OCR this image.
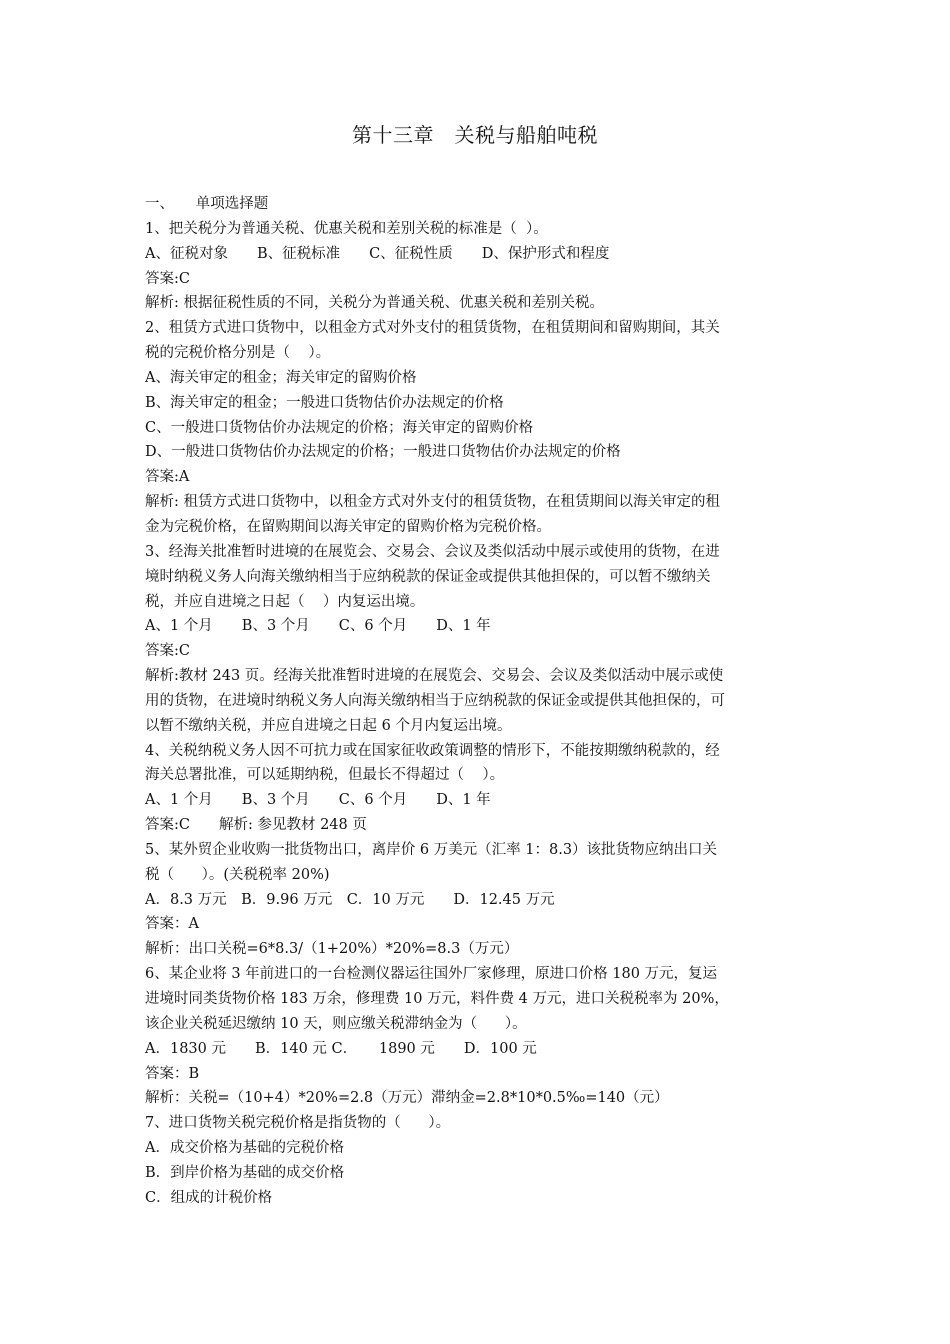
第十三章　关税与船舶吨税
一、　　单项选择题
1、把关税分为普通关税、优惠关税和差别关税的标准是（  ）。
A、征税对象　　B、征税标准　　C、征税性质　　D、保护形式和程度
答案:C
解析: 根据征税性质的不同，关税分为普通关税、优惠关税和差别关税。
2、租赁方式进口货物中，以租金方式对外支付的租赁货物，在租赁期间和留购期间，其关
税的完税价格分别是（    ）。
A、海关审定的租金；海关审定的留购价格
B、海关审定的租金；一般进口货物估价办法规定的价格
C、一般进口货物估价办法规定的价格；海关审定的留购价格
D、一般进口货物估价办法规定的价格；一般进口货物估价办法规定的价格
答案:A
解析: 租赁方式进口货物中，以租金方式对外支付的租赁货物，在租赁期间以海关审定的租
金为完税价格，在留购期间以海关审定的留购价格为完税价格。
3、经海关批准暂时进境的在展览会、交易会、会议及类似活动中展示或使用的货物，在进
境时纳税义务人向海关缴纳相当于应纳税款的保证金或提供其他担保的，可以暂不缴纳关
税，并应自进境之日起（    ）内复运出境。
A、1 个月　　B、3 个月　　C、6 个月　　D、1 年
答案:C
解析:教材 243 页。经海关批准暂时进境的在展览会、交易会、会议及类似活动中展示或使
用的货物，在进境时纳税义务人向海关缴纳相当于应纳税款的保证金或提供其他担保的，可
以暂不缴纳关税，并应自进境之日起 6 个月内复运出境。
4、关税纳税义务人因不可抗力或在国家征收政策调整的情形下，不能按期缴纳税款的，经
海关总署批准，可以延期纳税，但最长不得超过（    ）。
A、1 个月　　B、3 个月　　C、6 个月　　D、1 年
答案:C　　解析: 参见教材 248 页
5、某外贸企业收购一批货物出口，离岸价 6 万美元（汇率 1：8.3）该批货物应纳出口关
税（      ）。(关税税率 20%)
A．8.3 万元　B．9.96 万元　C．10 万元　　D．12.45 万元
答案：A
解析：出口关税=6*8.3/（1+20%）*20%=8.3（万元）
6、某企业将 3 年前进口的一台检测仪器运往国外厂家修理，原进口价格 180 万元，复运
进境时同类货物价格 183 万余，修理费 10 万元，料件费 4 万元，进口关税税率为 20%，
该企业关税延迟缴纳 10 天，则应缴关税滞纳金为（      ）。
A．1830 元　　B．140 元 C．　　1890 元　　D．100 元
答案：B
解析：关税=（10+4）*20%=2.8（万元）滞纳金=2.8*10*0.5‰=140（元）
7、进口货物关税完税价格是指货物的（      ）。
A．成交价格为基础的完税价格
B．到岸价格为基础的成交价格
C．组成的计税价格
